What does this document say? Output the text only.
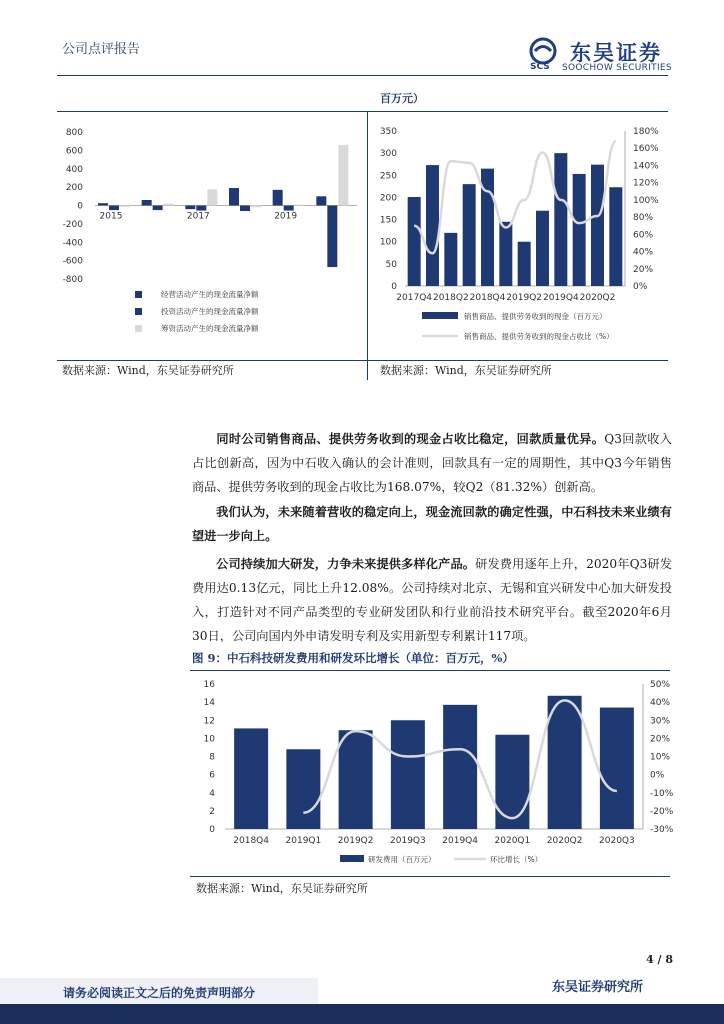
公司点评报告
SCS
东吴证券
SOOCHOW SECURITIES
百万元）
800
600
400
200
0
-200
-400
-600
-800
2015	2017	2019
经营活动产生的现金流量净额
投资活动产生的现金流量净额
筹资活动产生的现金流量净额
350
300
250
200
150
100
50
0
180%
160%
140%
120%
100%
80%
60%
40%
20%
0%
2017Q4 2018Q2 2018Q4 2019Q2 2019Q4 2020Q2
销售商品、提供劳务收到的现金（百万元）
销售商品、提供劳务收到的现金占收比（%）
数据来源：Wind，东吴证券研究所	数据来源：Wind，东吴证券研究所
同时公司销售商品、提供劳务收到的现金占收比稳定，回款质量优异。Q3回款收入占比创新高，因为中石收入确认的会计准则，回款具有一定的周期性，其中Q3今年销售商品、提供劳务收到的现金占收比为168.07%，较Q2（81.32%）创新高。
我们认为，未来随着营收的稳定向上，现金流回款的确定性强，中石科技未来业绩有望进一步向上。
公司持续加大研发，力争未来提供多样化产品。研发费用逐年上升，2020年Q3研发费用达0.13亿元，同比上升12.08%。公司持续对北京、无锡和宜兴研发中心加大研发投入，打造针对不同产品类型的专业研发团队和行业前沿技术研究平台。截至2020年6月30日，公司向国内外申请发明专利及实用新型专利累计117项。
图 9：中石科技研发费用和研发环比增长（单位：百万元，%）
16
14
12
10
8
6
4
2
0
50%
40%
30%
20%
10%
0%
-10%
-20%
-30%
2018Q4 2019Q1 2019Q2 2019Q3 2019Q4 2020Q1 2020Q2 2020Q3
研发费用（百万元）	环比增长（%）
数据来源：Wind，东吴证券研究所
4 / 8
请务必阅读正文之后的免责声明部分	东吴证券研究所
